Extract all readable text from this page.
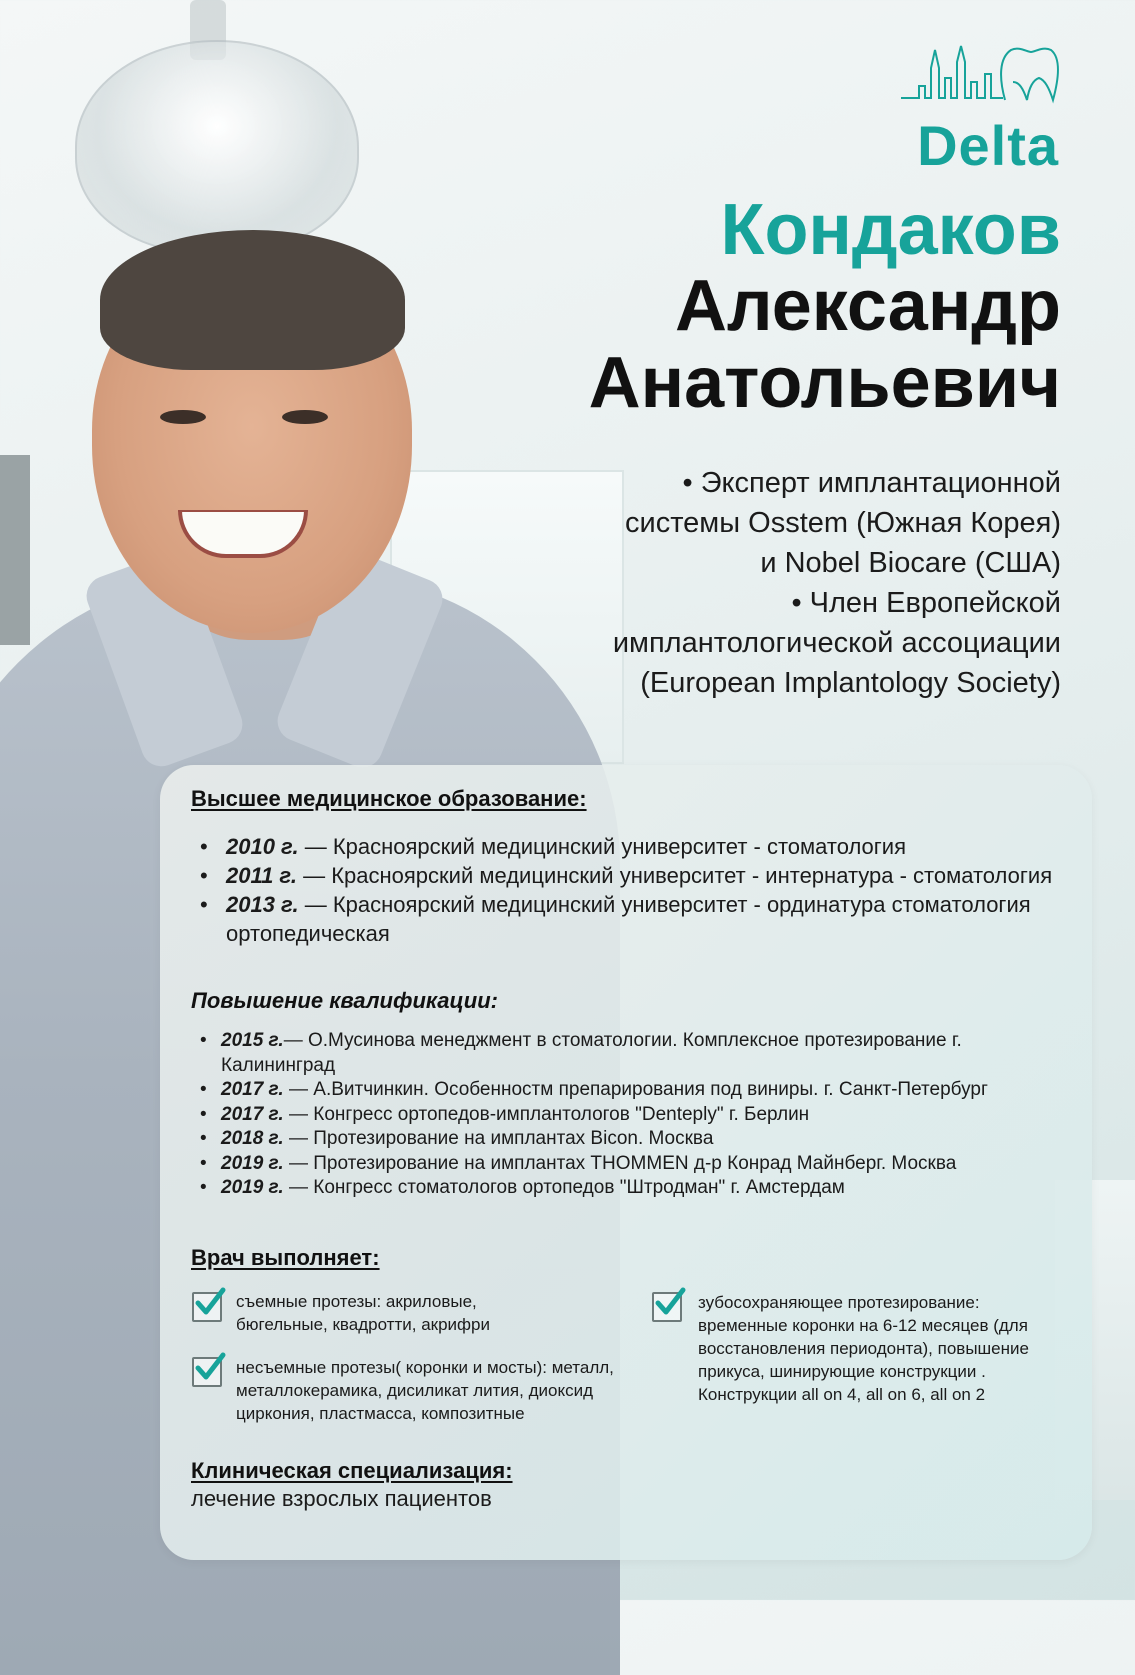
Delta
Кондаков
Александр
Анатольевич
• Эксперт имплантационной
системы Osstem (Южная Корея)
и Nobel Biocare (США)
• Член Европейской
имплантологической ассоциации
(European Implantology Society)
Высшее медицинское образование:
• 2010 г. — Красноярский медицинский университет - стоматология
• 2011 г. — Красноярский медицинский университет - интернатура - стоматология
• 2013 г. — Красноярский медицинский университет - ординатура стоматология ортопедическая
Повышение квалификации:
• 2015 г.— О.Мусинова менеджмент в стоматологии. Комплексное протезирование г. Калининград
• 2017 г. — А.Витчинкин. Особенностм препарирования под виниры. г. Санкт-Петербург
• 2017 г. — Конгресс ортопедов-имплантологов "Denteply" г. Берлин
• 2018 г. — Протезирование на имплантах Bicon. Москва
• 2019 г. — Протезирование на имплантах THOMMEN д-р Конрад Майнберг. Москва
• 2019 г. — Конгресс стоматологов ортопедов "Штродман" г. Амстердам
Врач выполняет:
съемные протезы: акриловые, бюгельные, квадротти, акрифри
несъемные протезы( коронки и мосты): металл, металлокерамика, дисиликат лития, диоксид циркония, пластмасса, композитные
зубосохраняющее протезирование: временные коронки на 6-12 месяцев (для восстановления периодонта), повышение прикуса, шинирующие конструкции . Конструкции all on 4, all on 6, all on 2
Клиническая специализация:
лечение взрослых пациентов
